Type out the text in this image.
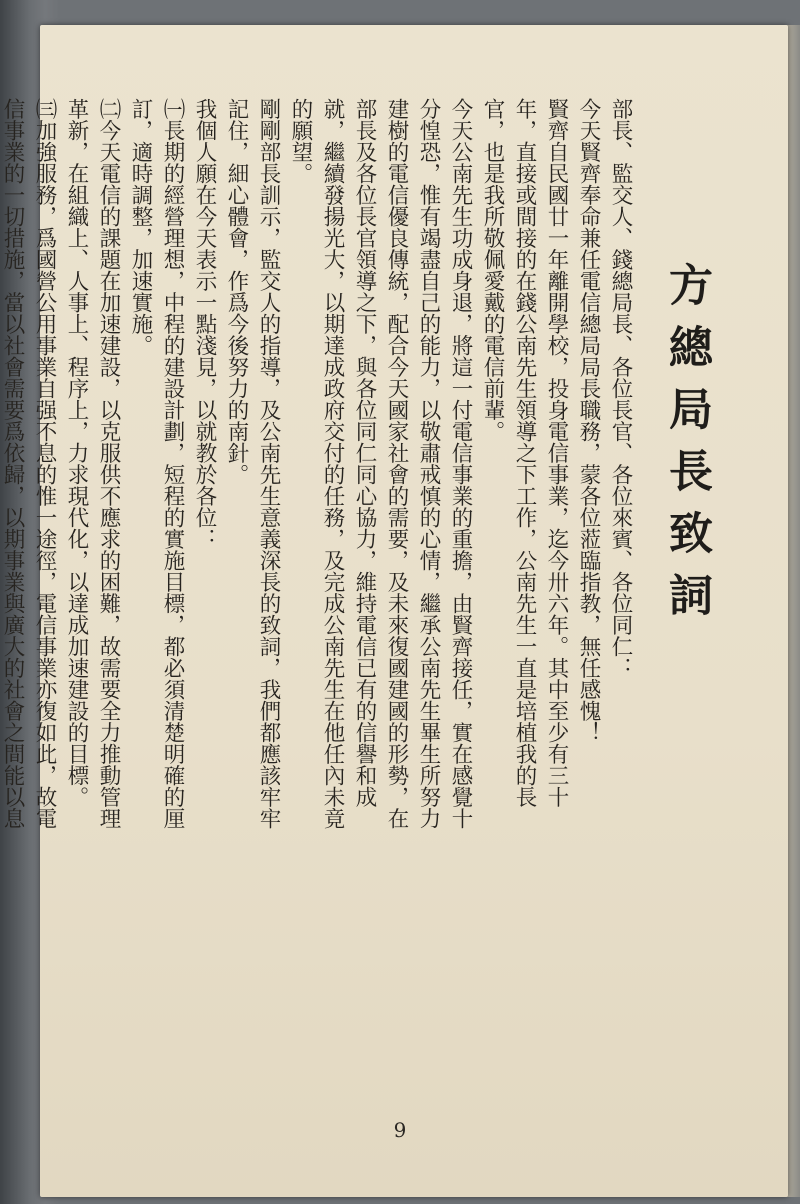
方總局長致詞

部長、監交人、錢總局長、各位長官、各位來賓、各位同仁：

今天賢齊奉命兼任電信總局局長職務，蒙各位蒞臨指教，無任感愧！

賢齊自民國廿一年離開學校，投身電信事業，迄今卅六年。其中至少有三十年，直接或間接的在錢公南先生領導之下工作，公南先生一直是培植我的長官，也是我所敬佩愛戴的電信前輩。

今天公南先生功成身退，將這一付電信事業的重擔，由賢齊接任，實在感覺十分惶恐，惟有竭盡自己的能力，以敬肅戒慎的心情，繼承公南先生畢生所努力建樹的電信優良傳統，配合今天國家社會的需要，及未來復國建國的形勢，在部長及各位長官領導之下，與各位同仁同心協力，維持電信已有的信譽和成就，繼續發揚光大，以期達成政府交付的任務，及完成公南先生在他任內未竟的願望。

剛剛部長訓示，監交人的指導，及公南先生意義深長的致詞，我們都應該牢牢記住，細心體會，作爲今後努力的南針。

我個人願在今天表示一點淺見，以就教於各位：

㈠長期的經營理想，中程的建設計劃，短程的實施目標，都必須清楚明確的厘訂，適時調整，加速實施。

㈡今天電信的課題在加速建設，以克服供不應求的困難，故需要全力推動管理革新，在組織上、人事上、程序上，力求現代化，以達成加速建設的目標。

㈢加強服務，爲國營公用事業自强不息的惟一途徑，電信事業亦復如此，故電信事業的一切措施，當以社會需要爲依歸，以期事業與廣大的社會之間能以息

9
